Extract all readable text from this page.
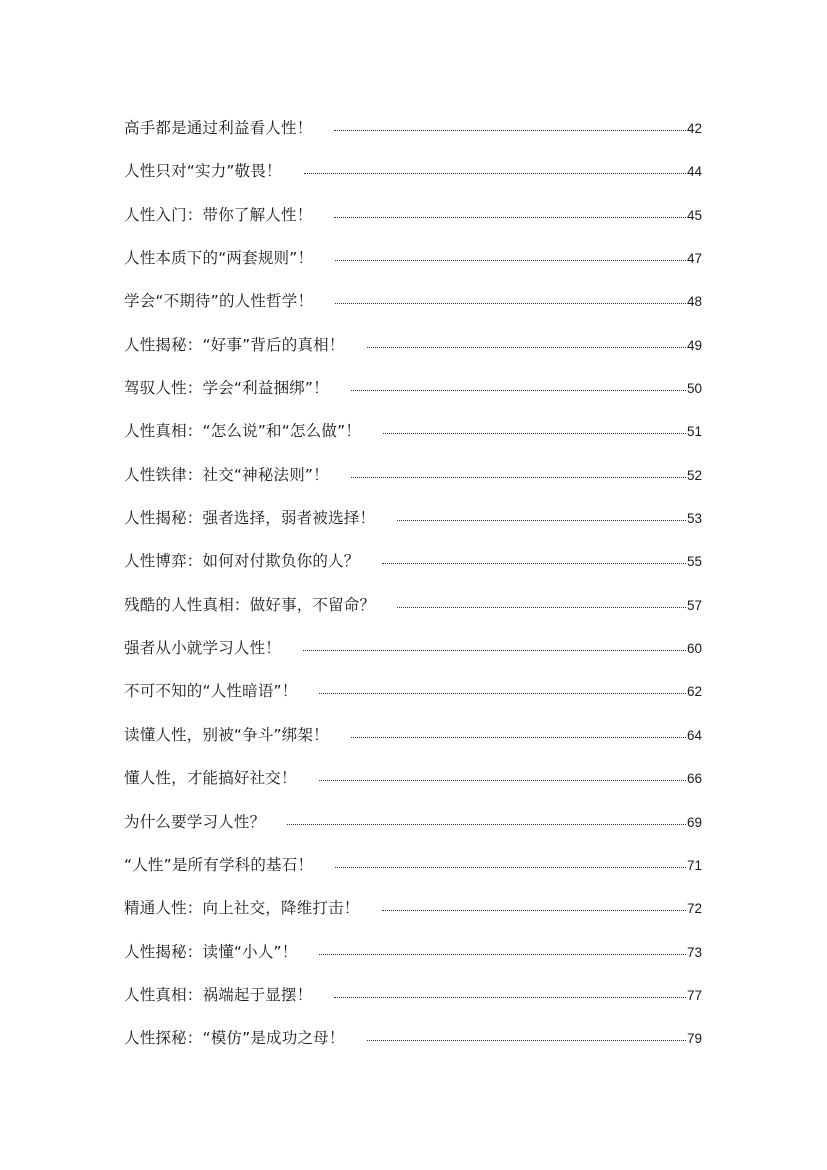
高手都是通过利益看人性！	42
人性只对“实力”敬畏！	44
人性入门：带你了解人性！	45
人性本质下的“两套规则”！	47
学会“不期待”的人性哲学！	48
人性揭秘：“好事”背后的真相！	49
驾驭人性：学会“利益捆绑”！	50
人性真相：“怎么说”和“怎么做”！	51
人性铁律：社交“神秘法则”！	52
人性揭秘：强者选择，弱者被选择！	53
人性博弈：如何对付欺负你的人？	55
残酷的人性真相：做好事，不留命？	57
强者从小就学习人性！	60
不可不知的“人性暗语”！	62
读懂人性，别被“争斗”绑架！	64
懂人性，才能搞好社交！	66
为什么要学习人性？	69
“人性”是所有学科的基石！	71
精通人性：向上社交，降维打击！	72
人性揭秘：读懂“小人”！	73
人性真相：祸端起于显摆！	77
人性探秘：“模仿”是成功之母！	79
